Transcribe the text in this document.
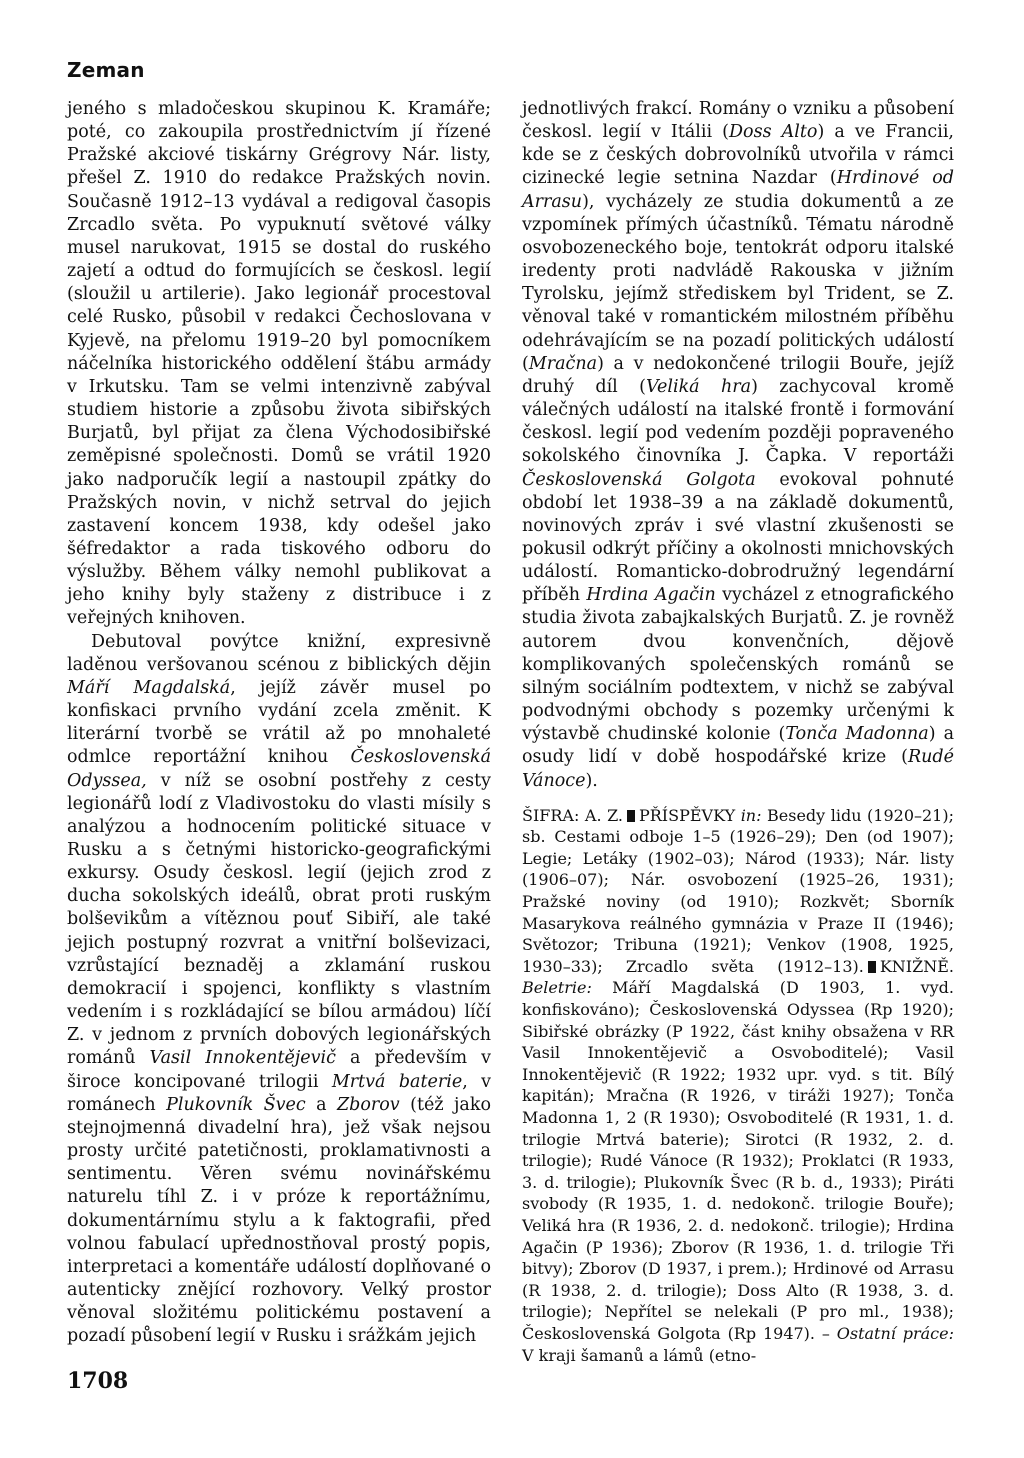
Zeman

jeného s mladočeskou skupinou K. Kramáře; poté, co zakoupila prostřednictvím jí řízené Pražské akciové tiskárny Grégrovy Nár. listy, přešel Z. 1910 do redakce Pražských novin. Současně 1912–13 vydával a redigoval časopis Zrcadlo světa. Po vypuknutí světové války musel narukovat, 1915 se dostal do ruského zajetí a odtud do formujících se českosl. legií (sloužil u artilerie). Jako legionář procestoval celé Rusko, působil v redakci Čechoslovana v Kyjevě, na přelomu 1919–20 byl pomocníkem náčelníka historického oddělení štábu armády v Irkutsku. Tam se velmi intenzivně zabýval studiem historie a způsobu života sibiřských Burjatů, byl přijat za člena Východosibiřské zeměpisné společnosti. Domů se vrátil 1920 jako nadporučík legií a nastoupil zpátky do Pražských novin, v nichž setrval do jejich zastavení koncem 1938, kdy odešel jako šéfredaktor a rada tiskového odboru do výslužby. Během války nemohl publikovat a jeho knihy byly staženy z distribuce i z veřejných knihoven.

Debutoval povýtce knižní, expresivně laděnou veršovanou scénou z biblických dějin Máří Magdalská, jejíž závěr musel po konfiskaci prvního vydání zcela změnit. K literární tvorbě se vrátil až po mnohaleté odmlce reportážní knihou Československá Odyssea, v níž se osobní postřehy z cesty legionářů lodí z Vladivostoku do vlasti mísily s analýzou a hodnocením politické situace v Rusku a s četnými historicko-geografickými exkursy. Osudy českosl. legií (jejich zrod z ducha sokolských ideálů, obrat proti ruským bolševikům a vítěznou pouť Sibiří, ale také jejich postupný rozvrat a vnitřní bolševizaci, vzrůstající beznaděj a zklamání ruskou demokracií i spojenci, konflikty s vlastním vedením i s rozkládající se bílou armádou) líčí Z. v jednom z prvních dobových legionářských románů Vasil Innokentějevič a především v široce koncipované trilogii Mrtvá baterie, v románech Plukovník Švec a Zborov (též jako stejnojmenná divadelní hra), jež však nejsou prosty určité patetičnosti, proklamativnosti a sentimentu. Věren svému novinářskému naturelu tíhl Z. i v próze k reportážnímu, dokumentárnímu stylu a k faktografii, před volnou fabulací upřednostňoval prostý popis, interpretaci a komentáře událostí doplňované o autenticky znějící rozhovory. Velký prostor věnoval složitému politickému postavení a pozadí působení legií v Rusku i srážkám jejich

jednotlivých frakcí. Romány o vzniku a působení českosl. legií v Itálii (Doss Alto) a ve Francii, kde se z českých dobrovolníků utvořila v rámci cizinecké legie setnina Nazdar (Hrdinové od Arrasu), vycházely ze studia dokumentů a ze vzpomínek přímých účastníků. Tématu národně osvobozeneckého boje, tentokrát odporu italské iredenty proti nadvládě Rakouska v jižním Tyrolsku, jejímž střediskem byl Trident, se Z. věnoval také v romantickém milostném příběhu odehrávajícím se na pozadí politických událostí (Mračna) a v nedokončené trilogii Bouře, jejíž druhý díl (Veliká hra) zachycoval kromě válečných událostí na italské frontě i formování českosl. legií pod vedením později popraveného sokolského činovníka J. Čapka. V reportáži Československá Golgota evokoval pohnuté období let 1938–39 a na základě dokumentů, novinových zpráv i své vlastní zkušenosti se pokusil odkrýt příčiny a okolnosti mnichovských událostí. Romanticko-dobrodružný legendární příběh Hrdina Agačin vycházel z etnografického studia života zabajkalských Burjatů. Z. je rovněž autorem dvou konvenčních, dějově komplikovaných společenských románů se silným sociálním podtextem, v nichž se zabýval podvodnými obchody s pozemky určenými k výstavbě chudinské kolonie (Tonča Madonna) a osudy lidí v době hospodářské krize (Rudé Vánoce).

ŠIFRA: A. Z. PŘÍSPĚVKY in: Besedy lidu (1920–21); sb. Cestami odboje 1–5 (1926–29); Den (od 1907); Legie; Letáky (1902–03); Národ (1933); Nár. listy (1906–07); Nár. osvobození (1925–26, 1931); Pražské noviny (od 1910); Rozkvět; Sborník Masarykova reálného gymnázia v Praze II (1946); Světozor; Tribuna (1921); Venkov (1908, 1925, 1930–33); Zrcadlo světa (1912–13). KNIŽNĚ. Beletrie: Máří Magdalská (D 1903, 1. vyd. konfiskováno); Československá Odyssea (Rp 1920); Sibiřské obrázky (P 1922, část knihy obsažena v RR Vasil Innokentějevič a Osvoboditelé); Vasil Innokentějevič (R 1922; 1932 upr. vyd. s tit. Bílý kapitán); Mračna (R 1926, v tiráži 1927); Tonča Madonna 1, 2 (R 1930); Osvoboditelé (R 1931, 1. d. trilogie Mrtvá baterie); Sirotci (R 1932, 2. d. trilogie); Rudé Vánoce (R 1932); Proklatci (R 1933, 3. d. trilogie); Plukovník Švec (R b. d., 1933); Piráti svobody (R 1935, 1. d. nedokonč. trilogie Bouře); Veliká hra (R 1936, 2. d. nedokonč. trilogie); Hrdina Agačin (P 1936); Zborov (R 1936, 1. d. trilogie Tři bitvy); Zborov (D 1937, i prem.); Hrdinové od Arrasu (R 1938, 2. d. trilogie); Doss Alto (R 1938, 3. d. trilogie); Nepřítel se nelekali (P pro ml., 1938); Československá Golgota (Rp 1947). – Ostatní práce: V kraji šamanů a lámů (etno-

1708
